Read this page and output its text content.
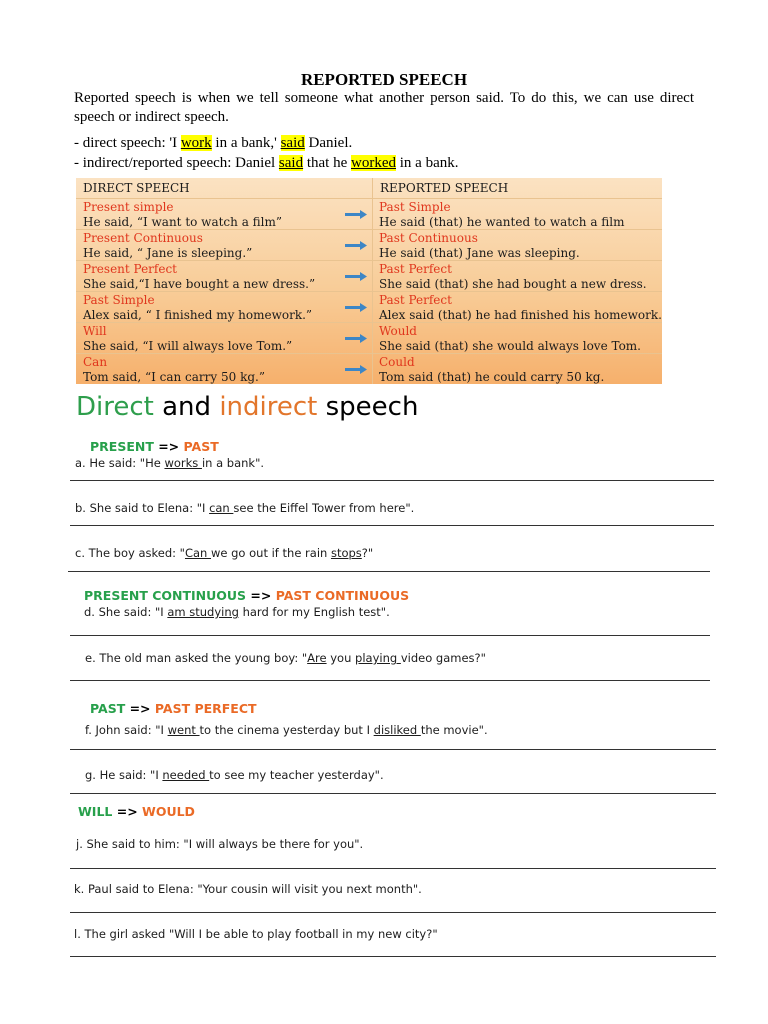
REPORTED SPEECH
Reported speech is when we tell someone what another person said. To do this, we can use direct speech or indirect speech.
- direct speech: 'I work in a bank,' said Daniel.
- indirect/reported speech: Daniel said that he worked in a bank.
DIRECT SPEECH	REPORTED SPEECH
Present simple
He said, “I want to watch a film”
Past Simple
He said (that) he wanted to watch a film
Present Continuous
He said, “ Jane is sleeping.”
Past Continuous
He said (that) Jane was sleeping.
Present Perfect
She said,“I have bought a new dress.”
Past Perfect
She said (that) she had bought a new dress.
Past Simple
Alex said, “ I finished my homework.”
Past Perfect
Alex said (that) he had finished his homework.
Will
She said, “I will always love Tom.”
Would
She said (that) she would always love Tom.
Can
Tom said, “I can carry 50 kg.”
Could
Tom said (that) he could carry 50 kg.
Direct and indirect speech
PRESENT => PAST
a. He said: "He works in a bank".
b. She said to Elena: "I can see the Eiffel Tower from here".
c. The boy asked: "Can we go out if the rain stops?"
PRESENT CONTINUOUS => PAST CONTINUOUS
d. She said: "I am studying hard for my English test".
e. The old man asked the young boy: "Are you playing video games?"
PAST => PAST PERFECT
f. John said: "I went to the cinema yesterday but I disliked the movie".
g. He said: "I needed to see my teacher yesterday".
WILL => WOULD
j. She said to him: "I will always be there for you".
k. Paul said to Elena: "Your cousin will visit you next month".
l. The girl asked "Will I be able to play football in my new city?"
